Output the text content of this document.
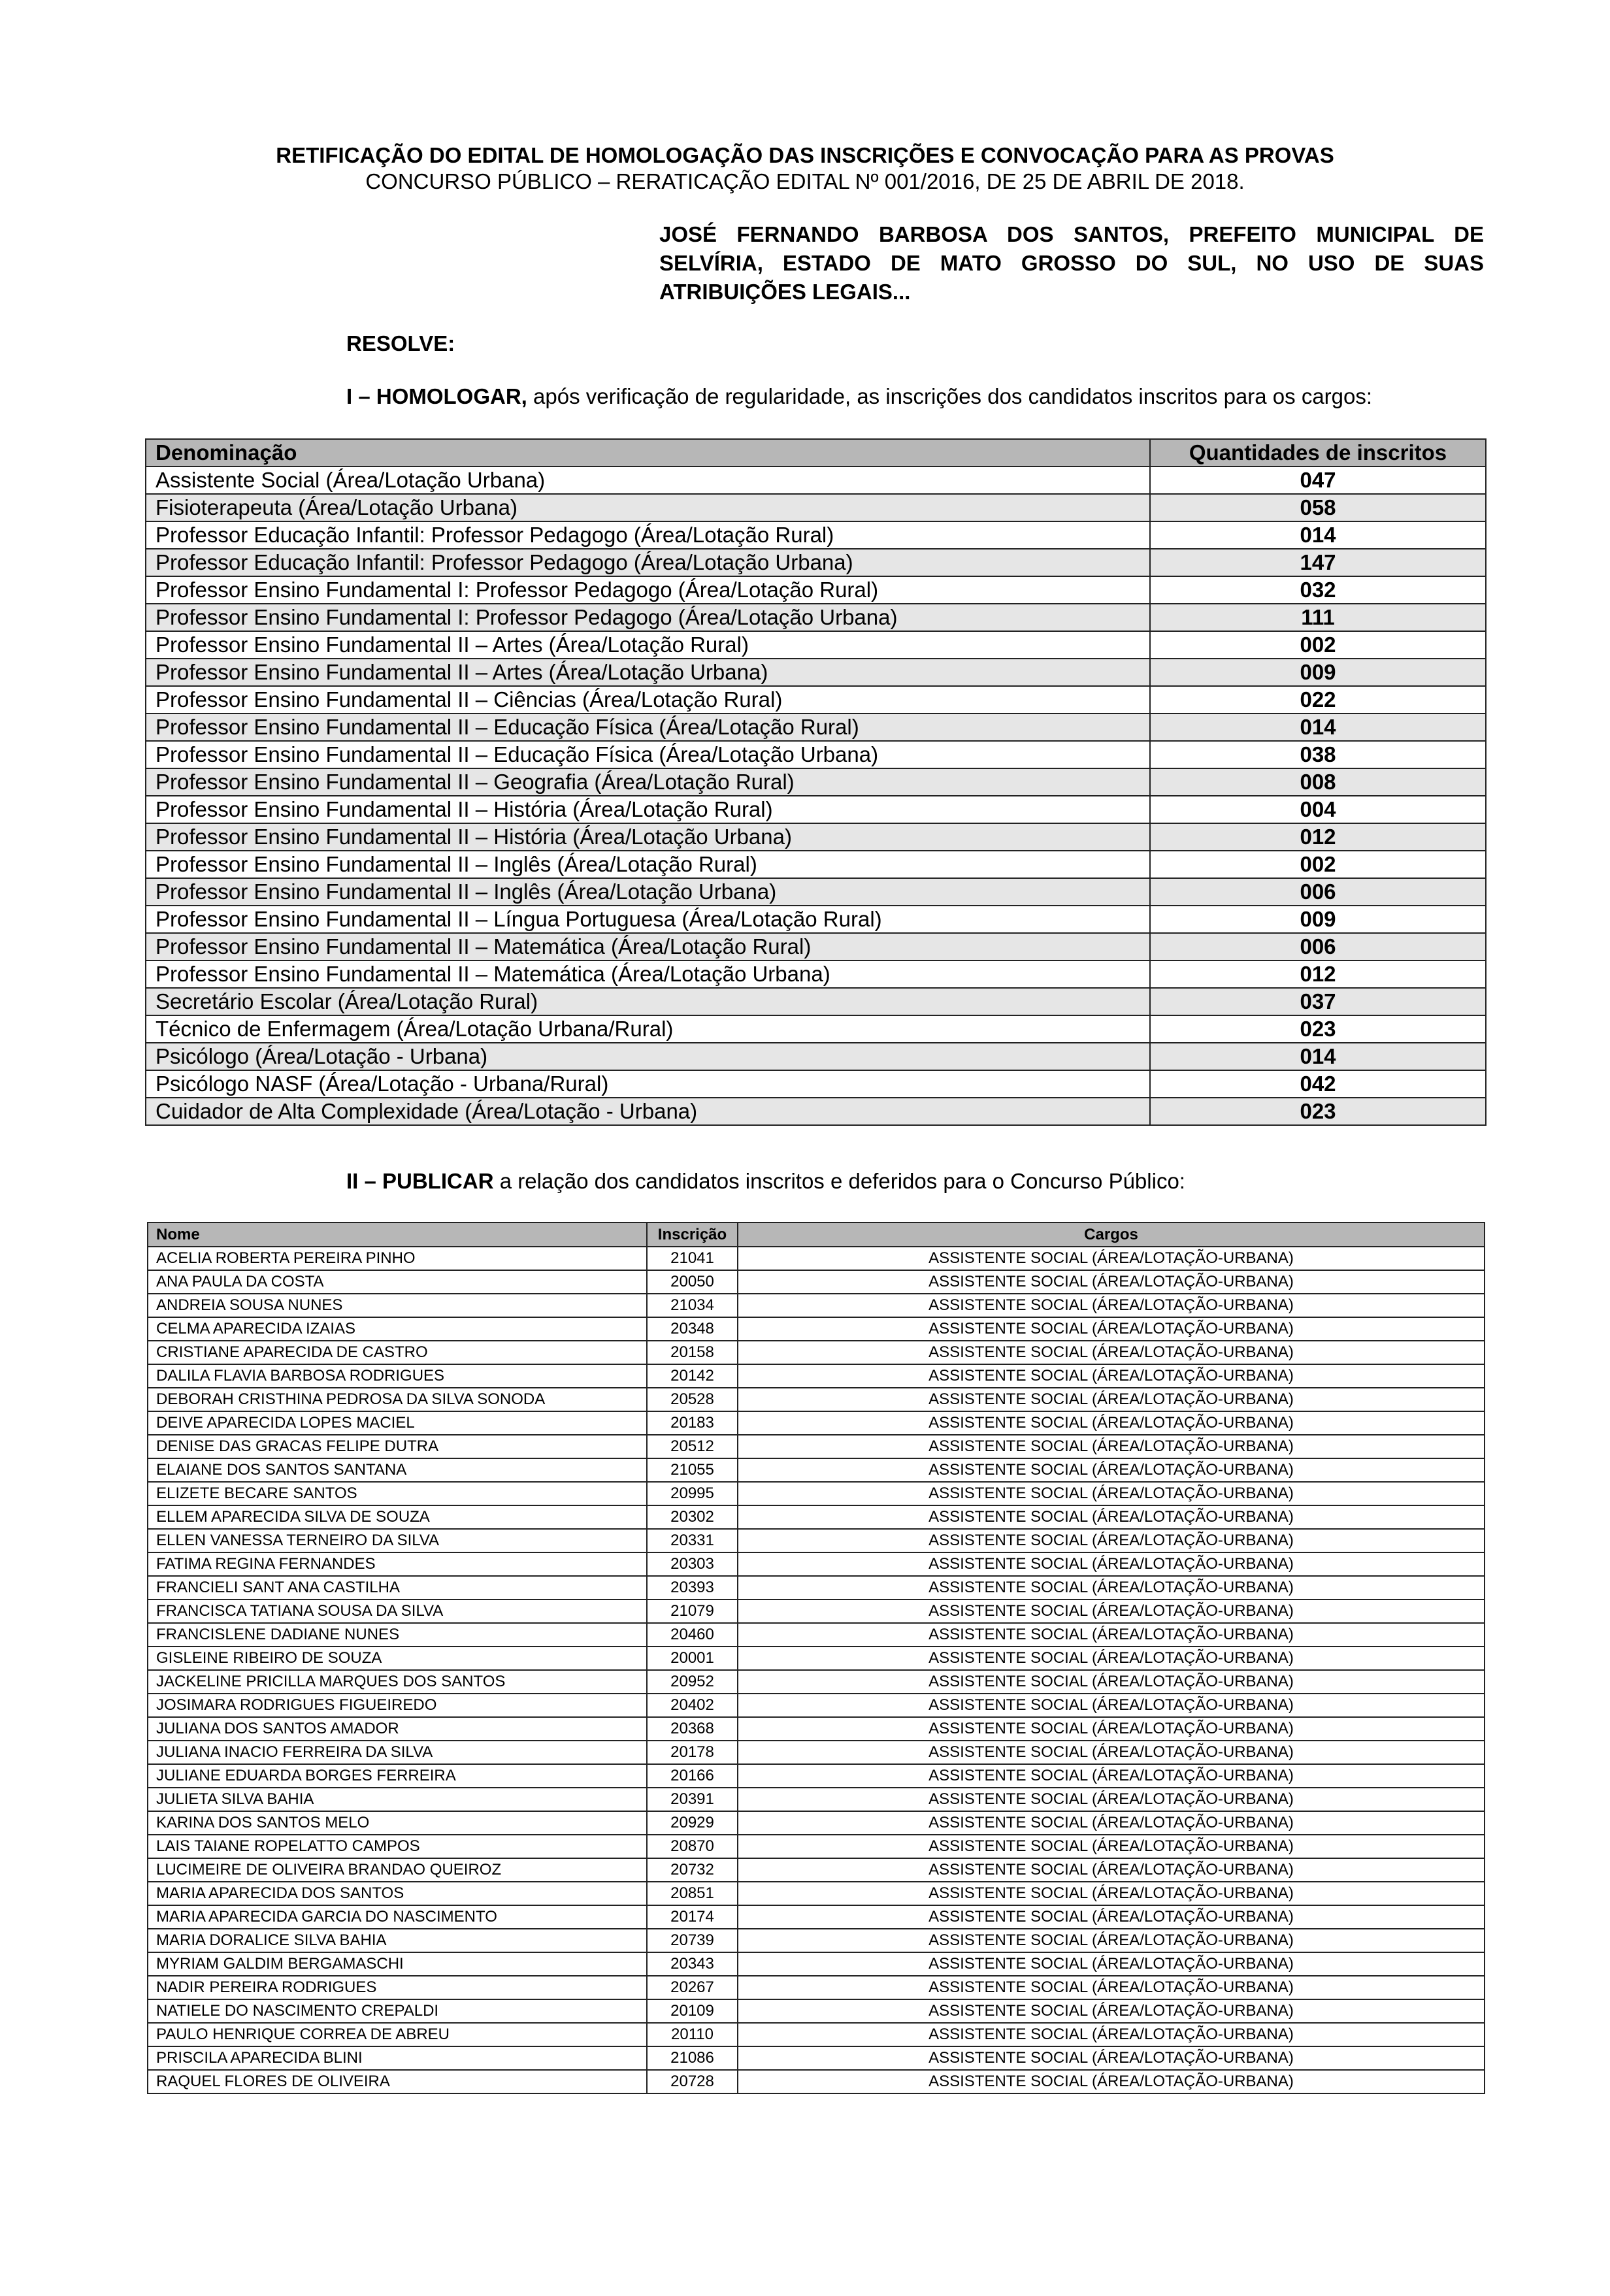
RETIFICAÇÃO DO EDITAL DE HOMOLOGAÇÃO DAS INSCRIÇÕES E CONVOCAÇÃO PARA AS PROVAS
CONCURSO PÚBLICO – RERATICAÇÃO EDITAL Nº 001/2016, DE 25 DE ABRIL DE 2018.
JOSÉ FERNANDO BARBOSA DOS SANTOS, PREFEITO MUNICIPAL DE
SELVÍRIA, ESTADO DE MATO GROSSO DO SUL, NO USO DE SUAS
ATRIBUIÇÕES LEGAIS...
RESOLVE:
I – HOMOLOGAR, após verificação de regularidade, as inscrições dos candidatos inscritos para os cargos:
Denominação	Quantidades de inscritos
Assistente Social (Área/Lotação Urbana)	047
Fisioterapeuta (Área/Lotação Urbana)	058
Professor Educação Infantil: Professor Pedagogo (Área/Lotação Rural)	014
Professor Educação Infantil: Professor Pedagogo (Área/Lotação Urbana)	147
Professor Ensino Fundamental I: Professor Pedagogo (Área/Lotação Rural)	032
Professor Ensino Fundamental I: Professor Pedagogo (Área/Lotação Urbana)	111
Professor Ensino Fundamental II – Artes (Área/Lotação Rural)	002
Professor Ensino Fundamental II – Artes (Área/Lotação Urbana)	009
Professor Ensino Fundamental II – Ciências (Área/Lotação Rural)	022
Professor Ensino Fundamental II – Educação Física (Área/Lotação Rural)	014
Professor Ensino Fundamental II – Educação Física (Área/Lotação Urbana)	038
Professor Ensino Fundamental II – Geografia (Área/Lotação Rural)	008
Professor Ensino Fundamental II – História (Área/Lotação Rural)	004
Professor Ensino Fundamental II – História (Área/Lotação Urbana)	012
Professor Ensino Fundamental II – Inglês (Área/Lotação Rural)	002
Professor Ensino Fundamental II – Inglês (Área/Lotação Urbana)	006
Professor Ensino Fundamental II – Língua Portuguesa (Área/Lotação Rural)	009
Professor Ensino Fundamental II – Matemática (Área/Lotação Rural)	006
Professor Ensino Fundamental II – Matemática (Área/Lotação Urbana)	012
Secretário Escolar (Área/Lotação Rural)	037
Técnico de Enfermagem (Área/Lotação Urbana/Rural)	023
Psicólogo (Área/Lotação - Urbana)	014
Psicólogo NASF (Área/Lotação - Urbana/Rural)	042
Cuidador de Alta Complexidade (Área/Lotação - Urbana)	023
II – PUBLICAR a relação dos candidatos inscritos e deferidos para o Concurso Público:
Nome	Inscrição	Cargos
ACELIA ROBERTA PEREIRA PINHO	21041	ASSISTENTE SOCIAL (ÁREA/LOTAÇÃO-URBANA)
ANA PAULA DA COSTA	20050	ASSISTENTE SOCIAL (ÁREA/LOTAÇÃO-URBANA)
ANDREIA SOUSA NUNES	21034	ASSISTENTE SOCIAL (ÁREA/LOTAÇÃO-URBANA)
CELMA APARECIDA IZAIAS	20348	ASSISTENTE SOCIAL (ÁREA/LOTAÇÃO-URBANA)
CRISTIANE APARECIDA DE CASTRO	20158	ASSISTENTE SOCIAL (ÁREA/LOTAÇÃO-URBANA)
DALILA FLAVIA BARBOSA RODRIGUES	20142	ASSISTENTE SOCIAL (ÁREA/LOTAÇÃO-URBANA)
DEBORAH CRISTHINA PEDROSA DA SILVA SONODA	20528	ASSISTENTE SOCIAL (ÁREA/LOTAÇÃO-URBANA)
DEIVE APARECIDA LOPES MACIEL	20183	ASSISTENTE SOCIAL (ÁREA/LOTAÇÃO-URBANA)
DENISE DAS GRACAS FELIPE DUTRA	20512	ASSISTENTE SOCIAL (ÁREA/LOTAÇÃO-URBANA)
ELAIANE DOS SANTOS SANTANA	21055	ASSISTENTE SOCIAL (ÁREA/LOTAÇÃO-URBANA)
ELIZETE BECARE SANTOS	20995	ASSISTENTE SOCIAL (ÁREA/LOTAÇÃO-URBANA)
ELLEM APARECIDA SILVA DE SOUZA	20302	ASSISTENTE SOCIAL (ÁREA/LOTAÇÃO-URBANA)
ELLEN VANESSA TERNEIRO DA SILVA	20331	ASSISTENTE SOCIAL (ÁREA/LOTAÇÃO-URBANA)
FATIMA REGINA FERNANDES	20303	ASSISTENTE SOCIAL (ÁREA/LOTAÇÃO-URBANA)
FRANCIELI SANT ANA CASTILHA	20393	ASSISTENTE SOCIAL (ÁREA/LOTAÇÃO-URBANA)
FRANCISCA TATIANA SOUSA DA SILVA	21079	ASSISTENTE SOCIAL (ÁREA/LOTAÇÃO-URBANA)
FRANCISLENE DADIANE NUNES	20460	ASSISTENTE SOCIAL (ÁREA/LOTAÇÃO-URBANA)
GISLEINE RIBEIRO DE SOUZA	20001	ASSISTENTE SOCIAL (ÁREA/LOTAÇÃO-URBANA)
JACKELINE PRICILLA MARQUES DOS SANTOS	20952	ASSISTENTE SOCIAL (ÁREA/LOTAÇÃO-URBANA)
JOSIMARA RODRIGUES FIGUEIREDO	20402	ASSISTENTE SOCIAL (ÁREA/LOTAÇÃO-URBANA)
JULIANA DOS SANTOS AMADOR	20368	ASSISTENTE SOCIAL (ÁREA/LOTAÇÃO-URBANA)
JULIANA INACIO FERREIRA DA SILVA	20178	ASSISTENTE SOCIAL (ÁREA/LOTAÇÃO-URBANA)
JULIANE EDUARDA BORGES FERREIRA	20166	ASSISTENTE SOCIAL (ÁREA/LOTAÇÃO-URBANA)
JULIETA SILVA BAHIA	20391	ASSISTENTE SOCIAL (ÁREA/LOTAÇÃO-URBANA)
KARINA DOS SANTOS MELO	20929	ASSISTENTE SOCIAL (ÁREA/LOTAÇÃO-URBANA)
LAIS TAIANE ROPELATTO CAMPOS	20870	ASSISTENTE SOCIAL (ÁREA/LOTAÇÃO-URBANA)
LUCIMEIRE DE OLIVEIRA BRANDAO QUEIROZ	20732	ASSISTENTE SOCIAL (ÁREA/LOTAÇÃO-URBANA)
MARIA APARECIDA DOS SANTOS	20851	ASSISTENTE SOCIAL (ÁREA/LOTAÇÃO-URBANA)
MARIA APARECIDA GARCIA DO NASCIMENTO	20174	ASSISTENTE SOCIAL (ÁREA/LOTAÇÃO-URBANA)
MARIA DORALICE SILVA BAHIA	20739	ASSISTENTE SOCIAL (ÁREA/LOTAÇÃO-URBANA)
MYRIAM GALDIM BERGAMASCHI	20343	ASSISTENTE SOCIAL (ÁREA/LOTAÇÃO-URBANA)
NADIR PEREIRA RODRIGUES	20267	ASSISTENTE SOCIAL (ÁREA/LOTAÇÃO-URBANA)
NATIELE DO NASCIMENTO CREPALDI	20109	ASSISTENTE SOCIAL (ÁREA/LOTAÇÃO-URBANA)
PAULO HENRIQUE CORREA DE ABREU	20110	ASSISTENTE SOCIAL (ÁREA/LOTAÇÃO-URBANA)
PRISCILA APARECIDA BLINI	21086	ASSISTENTE SOCIAL (ÁREA/LOTAÇÃO-URBANA)
RAQUEL FLORES DE OLIVEIRA	20728	ASSISTENTE SOCIAL (ÁREA/LOTAÇÃO-URBANA)
